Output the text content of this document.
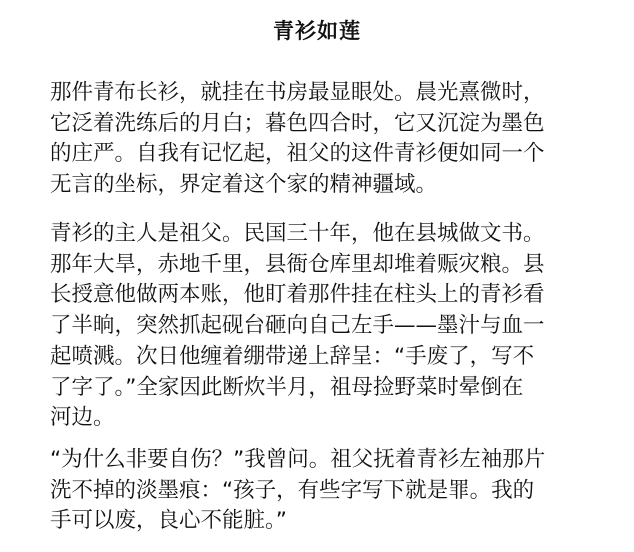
青衫如莲

那件青布长衫，就挂在书房最显眼处。晨光熹微时，
它泛着洗练后的月白；暮色四合时，它又沉淀为墨色
的庄严。自我有记忆起，祖父的这件青衫便如同一个
无言的坐标，界定着这个家的精神疆域。

青衫的主人是祖父。民国三十年，他在县城做文书。
那年大旱，赤地千里，县衙仓库里却堆着赈灾粮。县
长授意他做两本账，他盯着那件挂在柱头上的青衫看
了半晌，突然抓起砚台砸向自己左手——墨汁与血一
起喷溅。次日他缠着绷带递上辞呈：“手废了，写不
了字了。”全家因此断炊半月，祖母捡野菜时晕倒在
河边。

“为什么非要自伤？”我曾问。祖父抚着青衫左袖那片
洗不掉的淡墨痕：“孩子，有些字写下就是罪。我的
手可以废，良心不能脏。”
